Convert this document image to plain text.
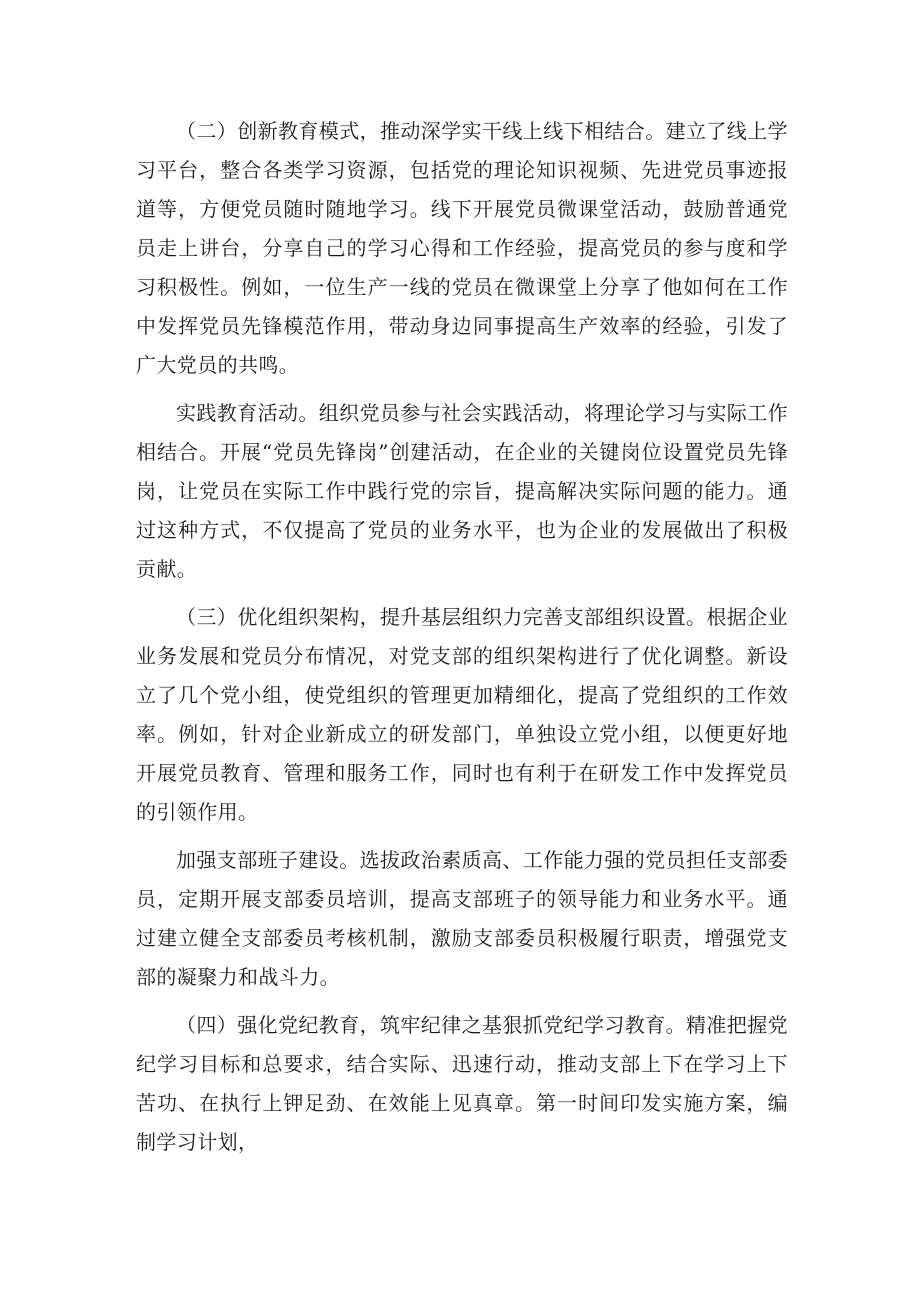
（二）创新教育模式，推动深学实干线上线下相结合。建立了线上学习平台，整合各类学习资源，包括党的理论知识视频、先进党员事迹报道等，方便党员随时随地学习。线下开展党员微课堂活动，鼓励普通党员走上讲台，分享自己的学习心得和工作经验，提高党员的参与度和学习积极性。例如，一位生产一线的党员在微课堂上分享了他如何在工作中发挥党员先锋模范作用，带动身边同事提高生产效率的经验，引发了广大党员的共鸣。

实践教育活动。组织党员参与社会实践活动，将理论学习与实际工作相结合。开展“党员先锋岗”创建活动，在企业的关键岗位设置党员先锋岗，让党员在实际工作中践行党的宗旨，提高解决实际问题的能力。通过这种方式，不仅提高了党员的业务水平，也为企业的发展做出了积极贡献。

（三）优化组织架构，提升基层组织力完善支部组织设置。根据企业业务发展和党员分布情况，对党支部的组织架构进行了优化调整。新设立了几个党小组，使党组织的管理更加精细化，提高了党组织的工作效率。例如，针对企业新成立的研发部门，单独设立党小组，以便更好地开展党员教育、管理和服务工作，同时也有利于在研发工作中发挥党员的引领作用。

加强支部班子建设。选拔政治素质高、工作能力强的党员担任支部委员，定期开展支部委员培训，提高支部班子的领导能力和业务水平。通过建立健全支部委员考核机制，激励支部委员积极履行职责，增强党支部的凝聚力和战斗力。

（四）强化党纪教育，筑牢纪律之基狠抓党纪学习教育。精准把握党纪学习目标和总要求，结合实际、迅速行动，推动支部上下在学习上下苦功、在执行上钾足劲、在效能上见真章。第一时间印发实施方案，编制学习计划，
